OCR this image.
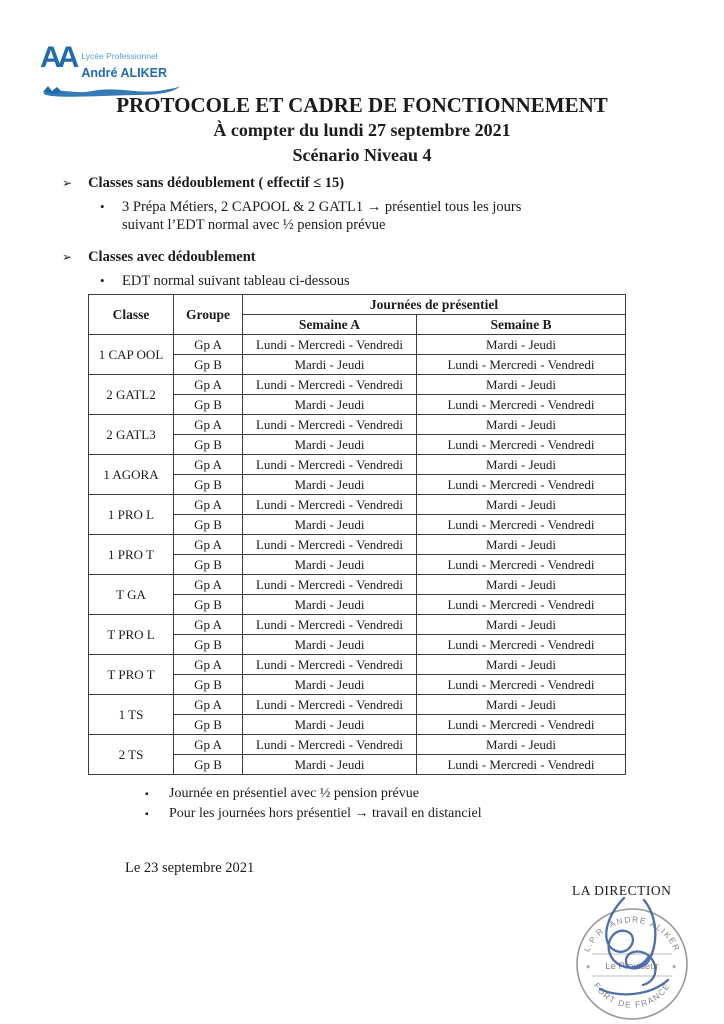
AA Lycée Professionnel
André ALIKER
PROTOCOLE ET CADRE DE FONCTIONNEMENT
À compter du lundi 27 septembre 2021
Scénario Niveau 4
➢ Classes sans dédoublement ( effectif ≤ 15)
•	3 Prépa Métiers, 2 CAPOOL & 2 GATL1 → présentiel tous les jours suivant l’EDT normal avec ½ pension prévue
➢ Classes avec dédoublement
•	EDT normal suivant tableau ci-dessous
Classe	Groupe	Journées de présentiel	
		Semaine A	Semaine B
1 CAP OOL	Gp A	Lundi - Mercredi - Vendredi	Mardi - Jeudi
	Gp B	Mardi - Jeudi	Lundi - Mercredi - Vendredi
2 GATL2	Gp A	Lundi - Mercredi - Vendredi	Mardi - Jeudi
	Gp B	Mardi - Jeudi	Lundi - Mercredi - Vendredi
2 GATL3	Gp A	Lundi - Mercredi - Vendredi	Mardi - Jeudi
	Gp B	Mardi - Jeudi	Lundi - Mercredi - Vendredi
1 AGORA	Gp A	Lundi - Mercredi - Vendredi	Mardi - Jeudi
	Gp B	Mardi - Jeudi	Lundi - Mercredi - Vendredi
1 PRO L	Gp A	Lundi - Mercredi - Vendredi	Mardi - Jeudi
	Gp B	Mardi - Jeudi	Lundi - Mercredi - Vendredi
1 PRO T	Gp A	Lundi - Mercredi - Vendredi	Mardi - Jeudi
	Gp B	Mardi - Jeudi	Lundi - Mercredi - Vendredi
T GA	Gp A	Lundi - Mercredi - Vendredi	Mardi - Jeudi
	Gp B	Mardi - Jeudi	Lundi - Mercredi - Vendredi
T PRO L	Gp A	Lundi - Mercredi - Vendredi	Mardi - Jeudi
	Gp B	Mardi - Jeudi	Lundi - Mercredi - Vendredi
T PRO T	Gp A	Lundi - Mercredi - Vendredi	Mardi - Jeudi
	Gp B	Mardi - Jeudi	Lundi - Mercredi - Vendredi
1 TS	Gp A	Lundi - Mercredi - Vendredi	Mardi - Jeudi
	Gp B	Mardi - Jeudi	Lundi - Mercredi - Vendredi
2 TS	Gp A	Lundi - Mercredi - Vendredi	Mardi - Jeudi
	Gp B	Mardi - Jeudi	Lundi - Mercredi - Vendredi
▪	Journée en présentiel avec ½ pension prévue
▪	Pour les journées hors présentiel → travail en distanciel
Le 23 septembre 2021
LA DIRECTION
L.P.R. ANDRE ALIKER
FORT DE FRANCE
*	*
Le Proviseur
